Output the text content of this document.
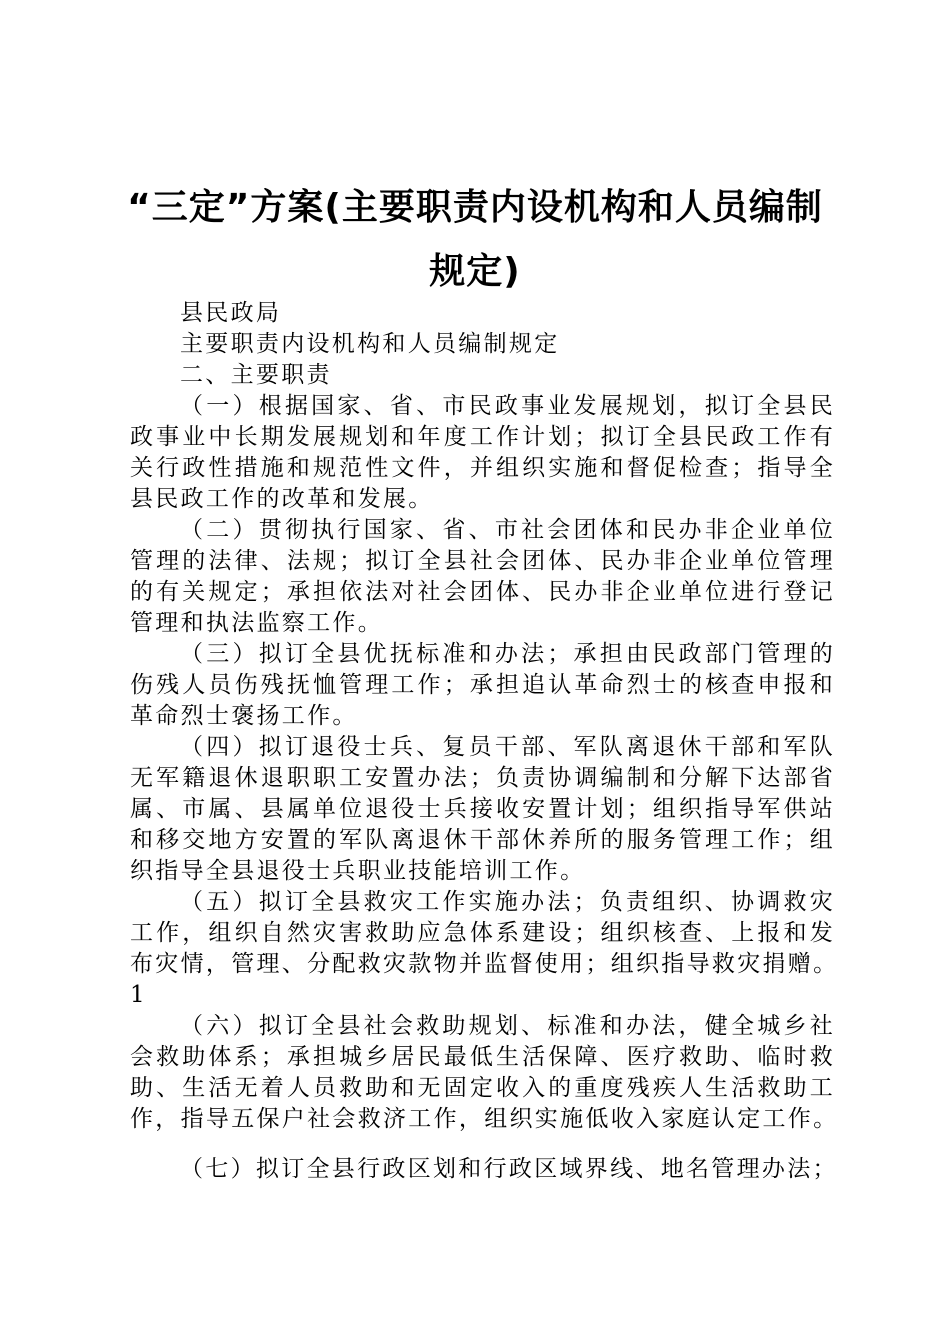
“三定”方案(主要职责内设机构和人员编制
规定)
县民政局
主要职责内设机构和人员编制规定
二、主要职责
（一）根据国家、省、市民政事业发展规划，拟订全县民
政事业中长期发展规划和年度工作计划；拟订全县民政工作有
关行政性措施和规范性文件，并组织实施和督促检查；指导全
县民政工作的改革和发展。
（二）贯彻执行国家、省、市社会团体和民办非企业单位
管理的法律、法规；拟订全县社会团体、民办非企业单位管理
的有关规定；承担依法对社会团体、民办非企业单位进行登记
管理和执法监察工作。
（三）拟订全县优抚标准和办法；承担由民政部门管理的
伤残人员伤残抚恤管理工作；承担追认革命烈士的核查申报和
革命烈士褒扬工作。
（四）拟订退役士兵、复员干部、军队离退休干部和军队
无军籍退休退职职工安置办法；负责协调编制和分解下达部省
属、市属、县属单位退役士兵接收安置计划；组织指导军供站
和移交地方安置的军队离退休干部休养所的服务管理工作；组
织指导全县退役士兵职业技能培训工作。
（五）拟订全县救灾工作实施办法；负责组织、协调救灾
工作，组织自然灾害救助应急体系建设；组织核查、上报和发
布灾情，管理、分配救灾款物并监督使用；组织指导救灾捐赠。
1
（六）拟订全县社会救助规划、标准和办法，健全城乡社
会救助体系；承担城乡居民最低生活保障、医疗救助、临时救
助、生活无着人员救助和无固定收入的重度残疾人生活救助工
作，指导五保户社会救济工作，组织实施低收入家庭认定工作。
（七）拟订全县行政区划和行政区域界线、地名管理办法；
